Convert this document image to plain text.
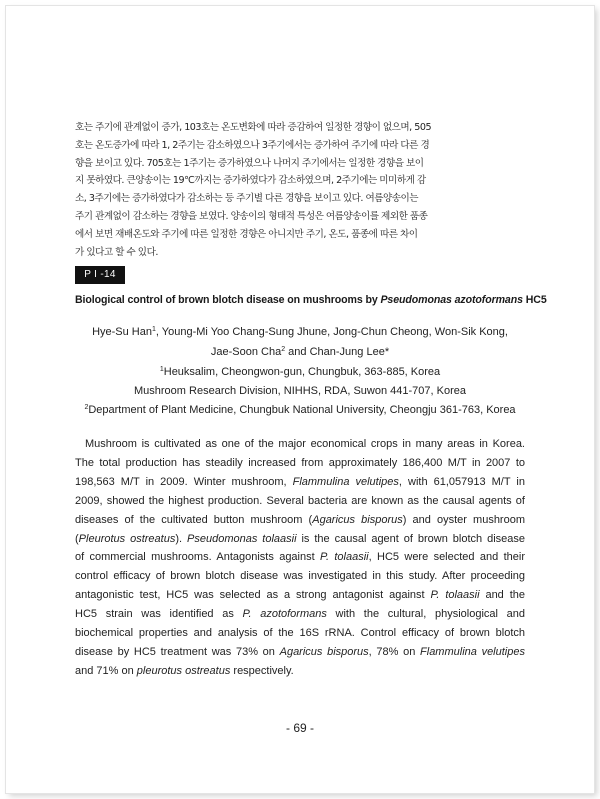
호는 주기에 관계없이 증가, 103호는 온도변화에 따라 증감하여 일정한 경향이 없으며, 505
호는 온도증가에 따라 1, 2주기는 감소하였으나 3주기에서는 증가하여 주기에 따라 다른 경
향을 보이고 있다. 705호는 1주기는 증가하였으나 나머지 주기에서는 일정한 경향을 보이
지 못하였다. 큰양송이는 19℃까지는 증가하였다가 감소하였으며, 2주기에는 미미하게 감
소, 3주기에는 증가하였다가 감소하는 등 주기별 다른 경향을 보이고 있다. 여름양송이는
주기 관계없이 감소하는 경향을 보였다. 양송이의 형태적 특성은 여름양송이를 제외한 품종
에서 보면 재배온도와 주기에 따른 일정한 경향은 아니지만 주기, 온도, 품종에 따른 차이
가 있다고 할 수 있다.
P I -14
Biological control of brown blotch disease on mushrooms by Pseudomonas azotoformans HC5
Hye-Su Han$^1$, Young-Mi Yoo Chang-Sung Jhune, Jong-Chun Cheong, Won-Sik Kong,
Jae-Soon Cha$^2$ and Chan-Jung Lee*
$^1$Heuksalim, Cheongwon-gun, Chungbuk, 363-885, Korea
Mushroom Research Division, NIHHS, RDA, Suwon 441-707, Korea
$^2$Department of Plant Medicine, Chungbuk National University, Cheongju 361-763, Korea
Mushroom is cultivated as one of the major economical crops in many areas in Korea.
The total production has steadily increased from approximately 186,400 M/T in 2007 to
198,563 M/T in 2009. Winter mushroom, Flammulina velutipes, with 61,057913 M/T in
2009, showed the highest production. Several bacteria are known as the causal agents of
diseases of the cultivated button mushroom (Agaricus bisporus) and oyster mushroom
(Pleurotus ostreatus). Pseudomonas tolaasii is the causal agent of brown blotch disease
of commercial mushrooms. Antagonists against P. tolaasii, HC5 were selected and their
control efficacy of brown blotch disease was investigated in this study. After proceeding
antagonistic test, HC5 was selected as a strong antagonist against P. tolaasii and the
HC5 strain was identified as P. azotoformans with the cultural, physiological and
biochemical properties and analysis of the 16S rRNA. Control efficacy of brown blotch
disease by HC5 treatment was 73% on Agaricus bisporus, 78% on Flammulina velutipes
and 71% on pleurotus ostreatus respectively.
- 69 -
